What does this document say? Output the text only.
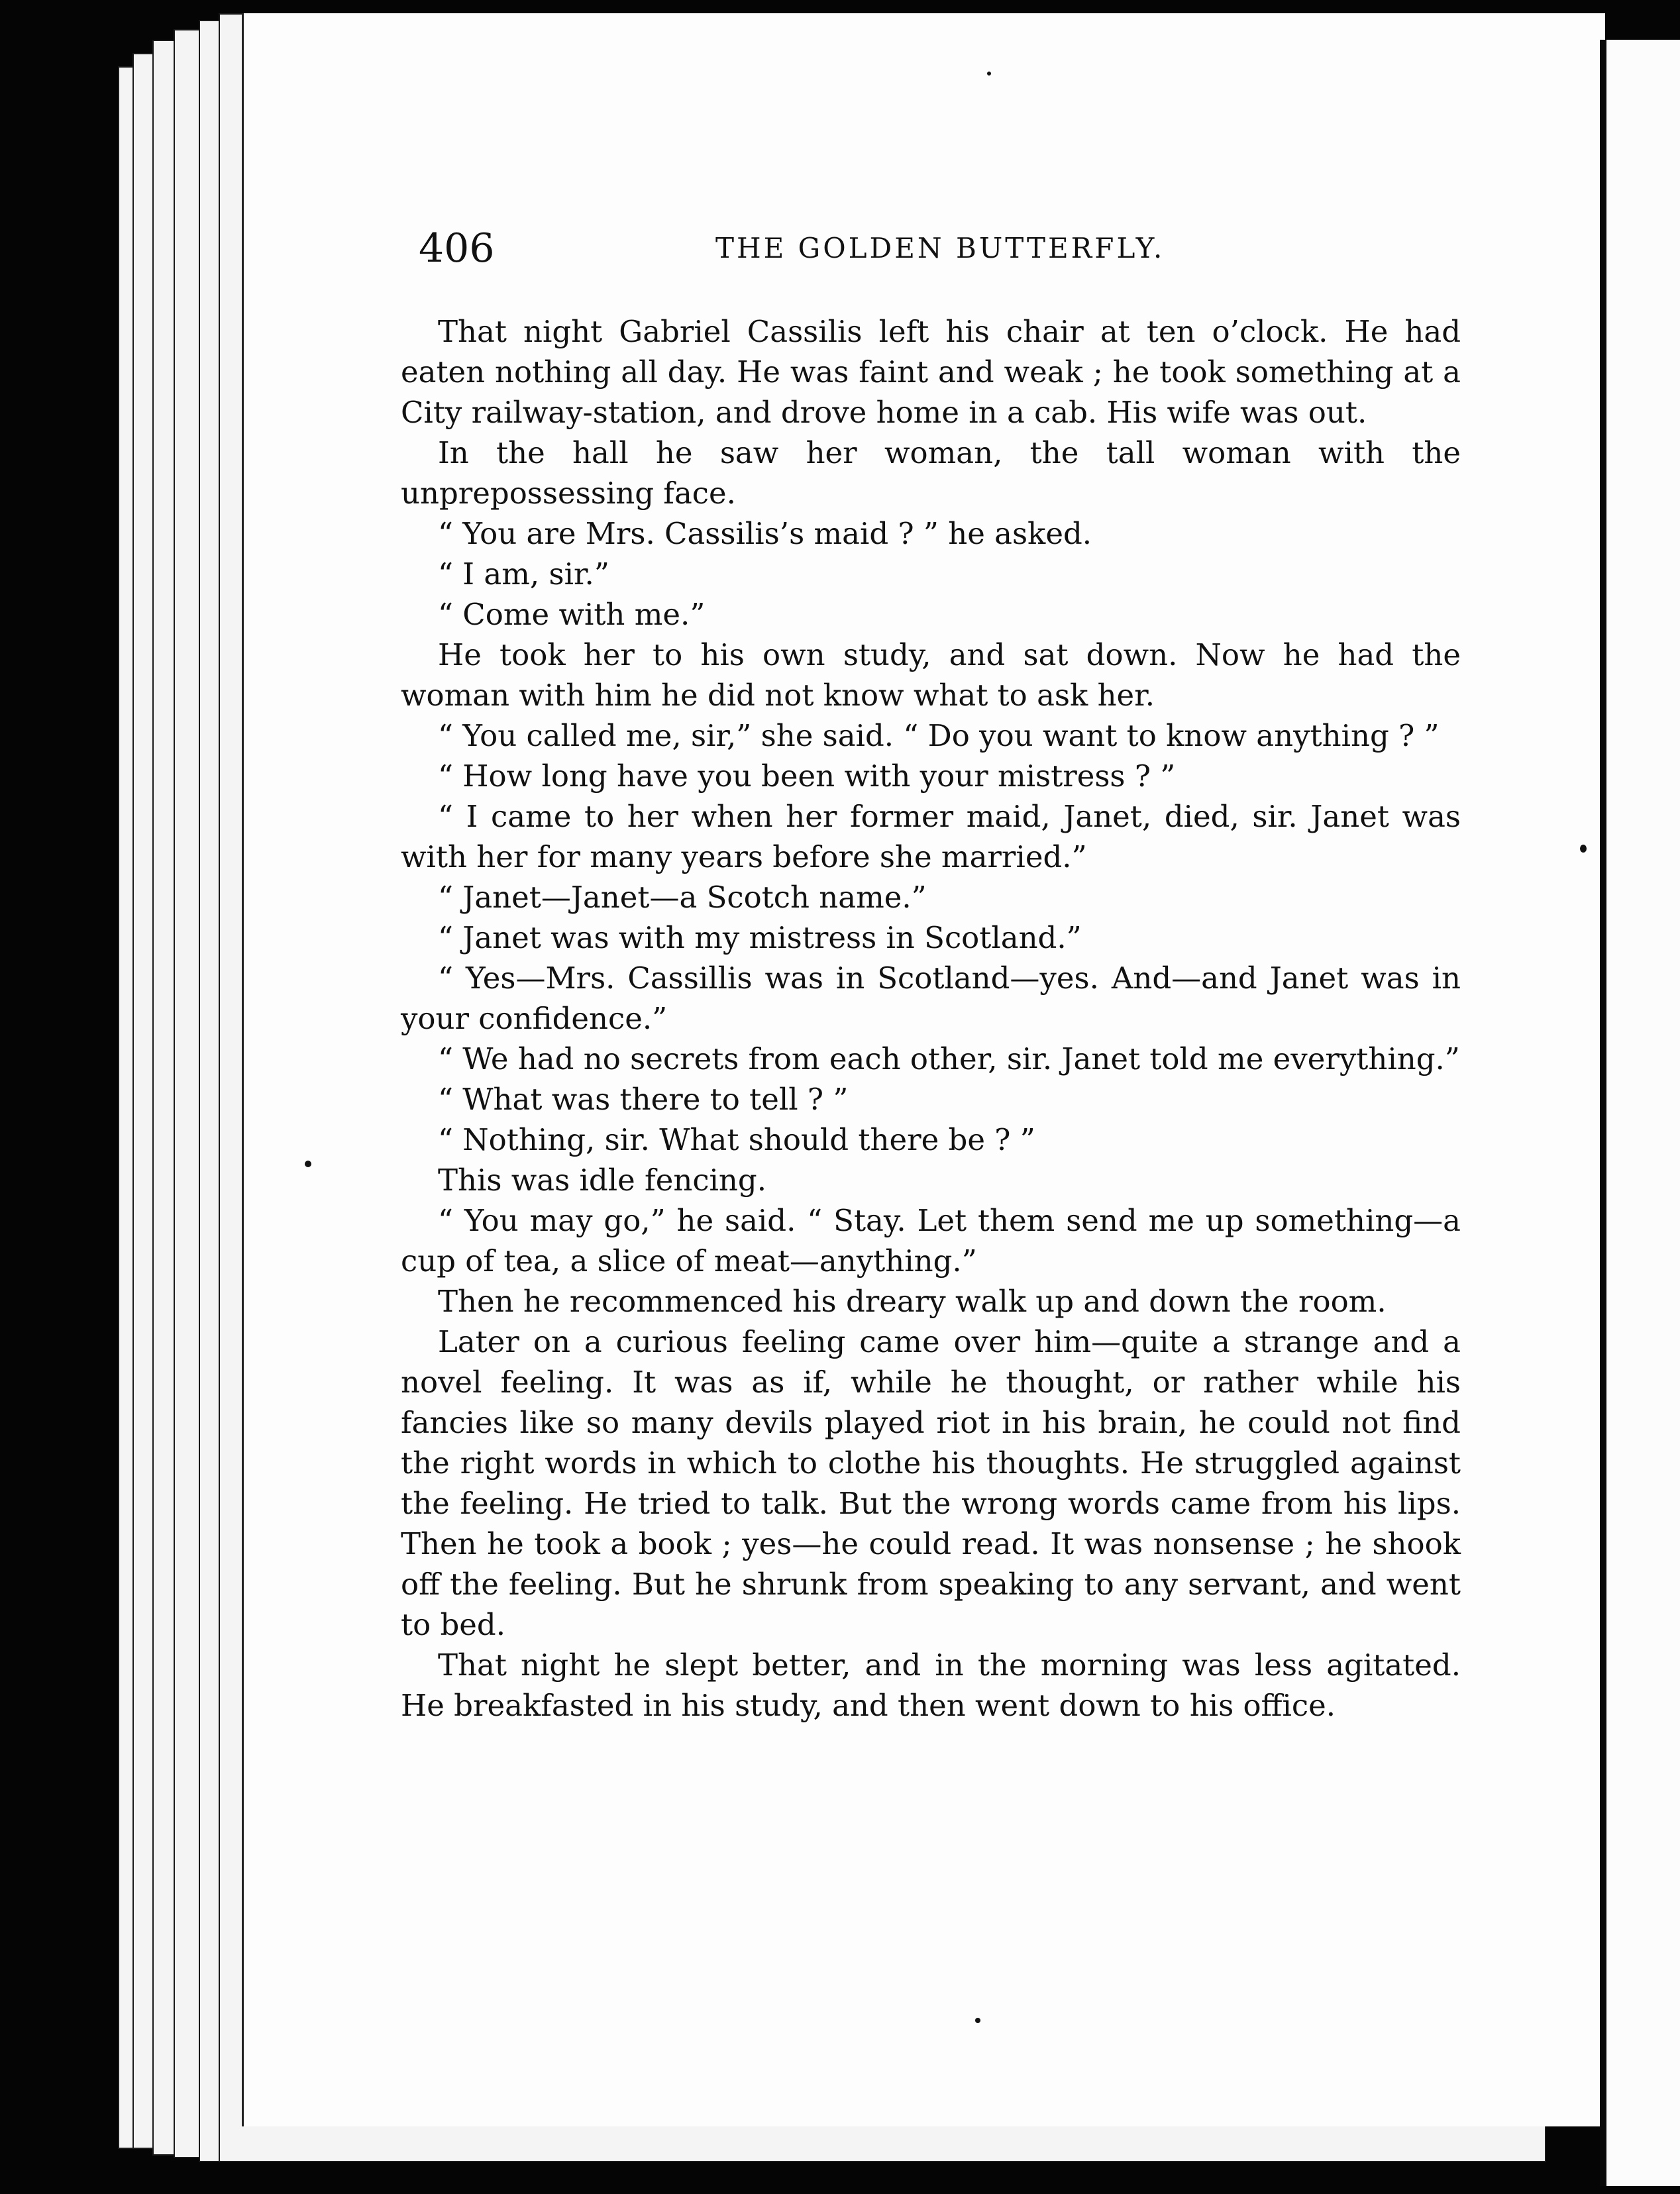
406	THE GOLDEN BUTTERFLY.

That night Gabriel Cassilis left his chair at ten o’clock. He had eaten nothing all day. He was faint and weak ; he took something at a City railway-station, and drove home in a cab. His wife was out.

In the hall he saw her woman, the tall woman with the unprepossessing face.

“ You are Mrs. Cassilis’s maid ? ” he asked.

“ I am, sir.”

“ Come with me.”

He took her to his own study, and sat down. Now he had the woman with him he did not know what to ask her.

“ You called me, sir,” she said. “ Do you want to know anything ? ”

“ How long have you been with your mistress ? ”

“ I came to her when her former maid, Janet, died, sir. Janet was with her for many years before she married.”

“ Janet—Janet—a Scotch name.”

“ Janet was with my mistress in Scotland.”

“ Yes—Mrs. Cassillis was in Scotland—yes. And—and Janet was in your confidence.”

“ We had no secrets from each other, sir. Janet told me everything.”

“ What was there to tell ? ”

“ Nothing, sir. What should there be ? ”

This was idle fencing.

“ You may go,” he said. “ Stay. Let them send me up something—a cup of tea, a slice of meat—anything.”

Then he recommenced his dreary walk up and down the room.

Later on a curious feeling came over him—quite a strange and a novel feeling. It was as if, while he thought, or rather while his fancies like so many devils played riot in his brain, he could not find the right words in which to clothe his thoughts. He struggled against the feeling. He tried to talk. But the wrong words came from his lips. Then he took a book ; yes—he could read. It was nonsense ; he shook off the feeling. But he shrunk from speaking to any servant, and went to bed.

That night he slept better, and in the morning was less agitated. He breakfasted in his study, and then went down to his office.
